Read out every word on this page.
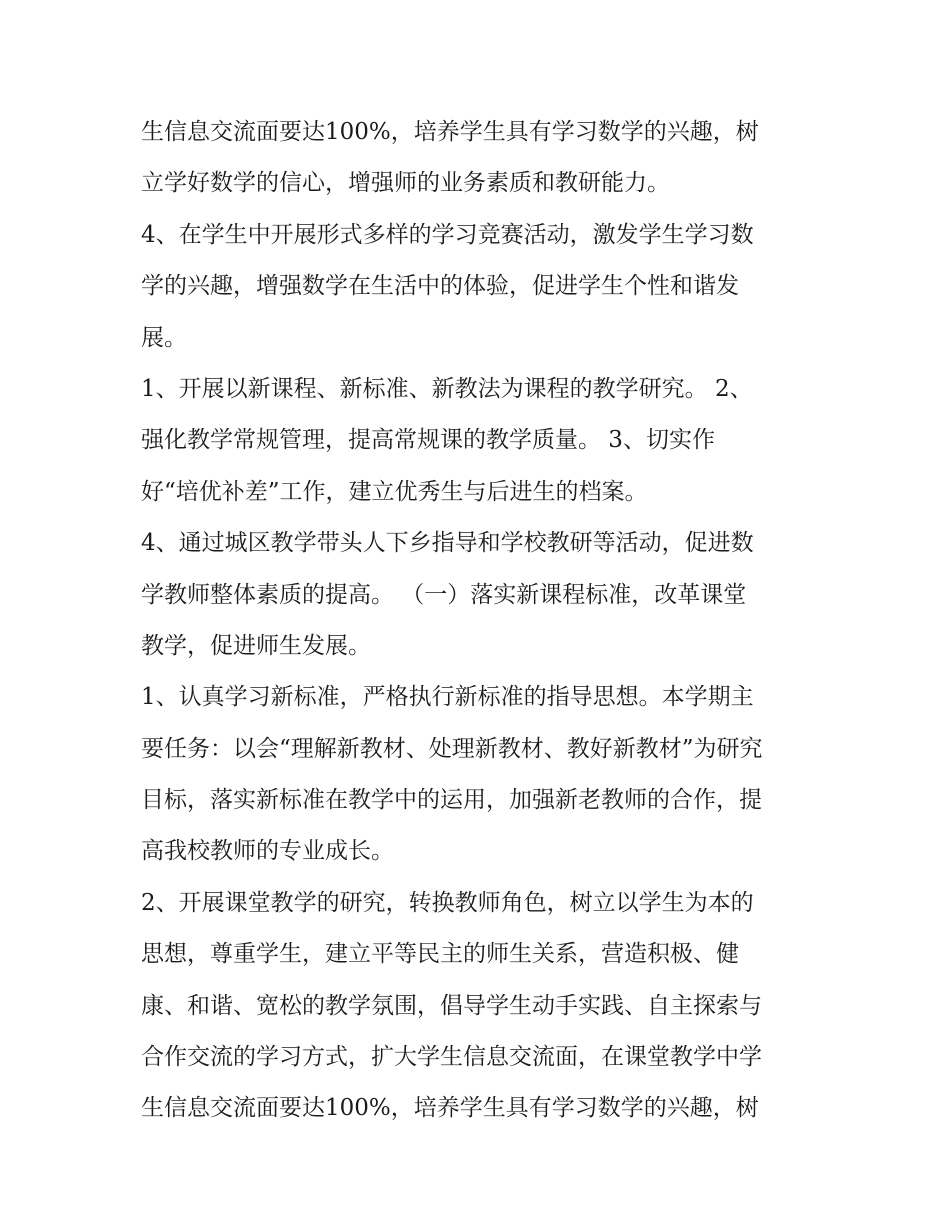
生信息交流面要达100%，培养学生具有学习数学的兴趣，树

立学好数学的信心，增强师的业务素质和教研能力。

4、在学生中开展形式多样的学习竞赛活动，激发学生学习数

学的兴趣，增强数学在生活中的体验，促进学生个性和谐发

展。

1、开展以新课程、新标准、新教法为课程的教学研究。 2、

强化教学常规管理，提高常规课的教学质量。 3、切实作

好“培优补差”工作，建立优秀生与后进生的档案。

4、通过城区教学带头人下乡指导和学校教研等活动，促进数

学教师整体素质的提高。 （一）落实新课程标准，改革课堂

教学，促进师生发展。

1、认真学习新标准，严格执行新标准的指导思想。本学期主

要任务：以会“理解新教材、处理新教材、教好新教材”为研究

目标，落实新标准在教学中的运用，加强新老教师的合作，提

高我校教师的专业成长。

2、开展课堂教学的研究，转换教师角色，树立以学生为本的

思想，尊重学生，建立平等民主的师生关系，营造积极、健

康、和谐、宽松的教学氛围，倡导学生动手实践、自主探索与

合作交流的学习方式，扩大学生信息交流面，在课堂教学中学

生信息交流面要达100%，培养学生具有学习数学的兴趣，树
